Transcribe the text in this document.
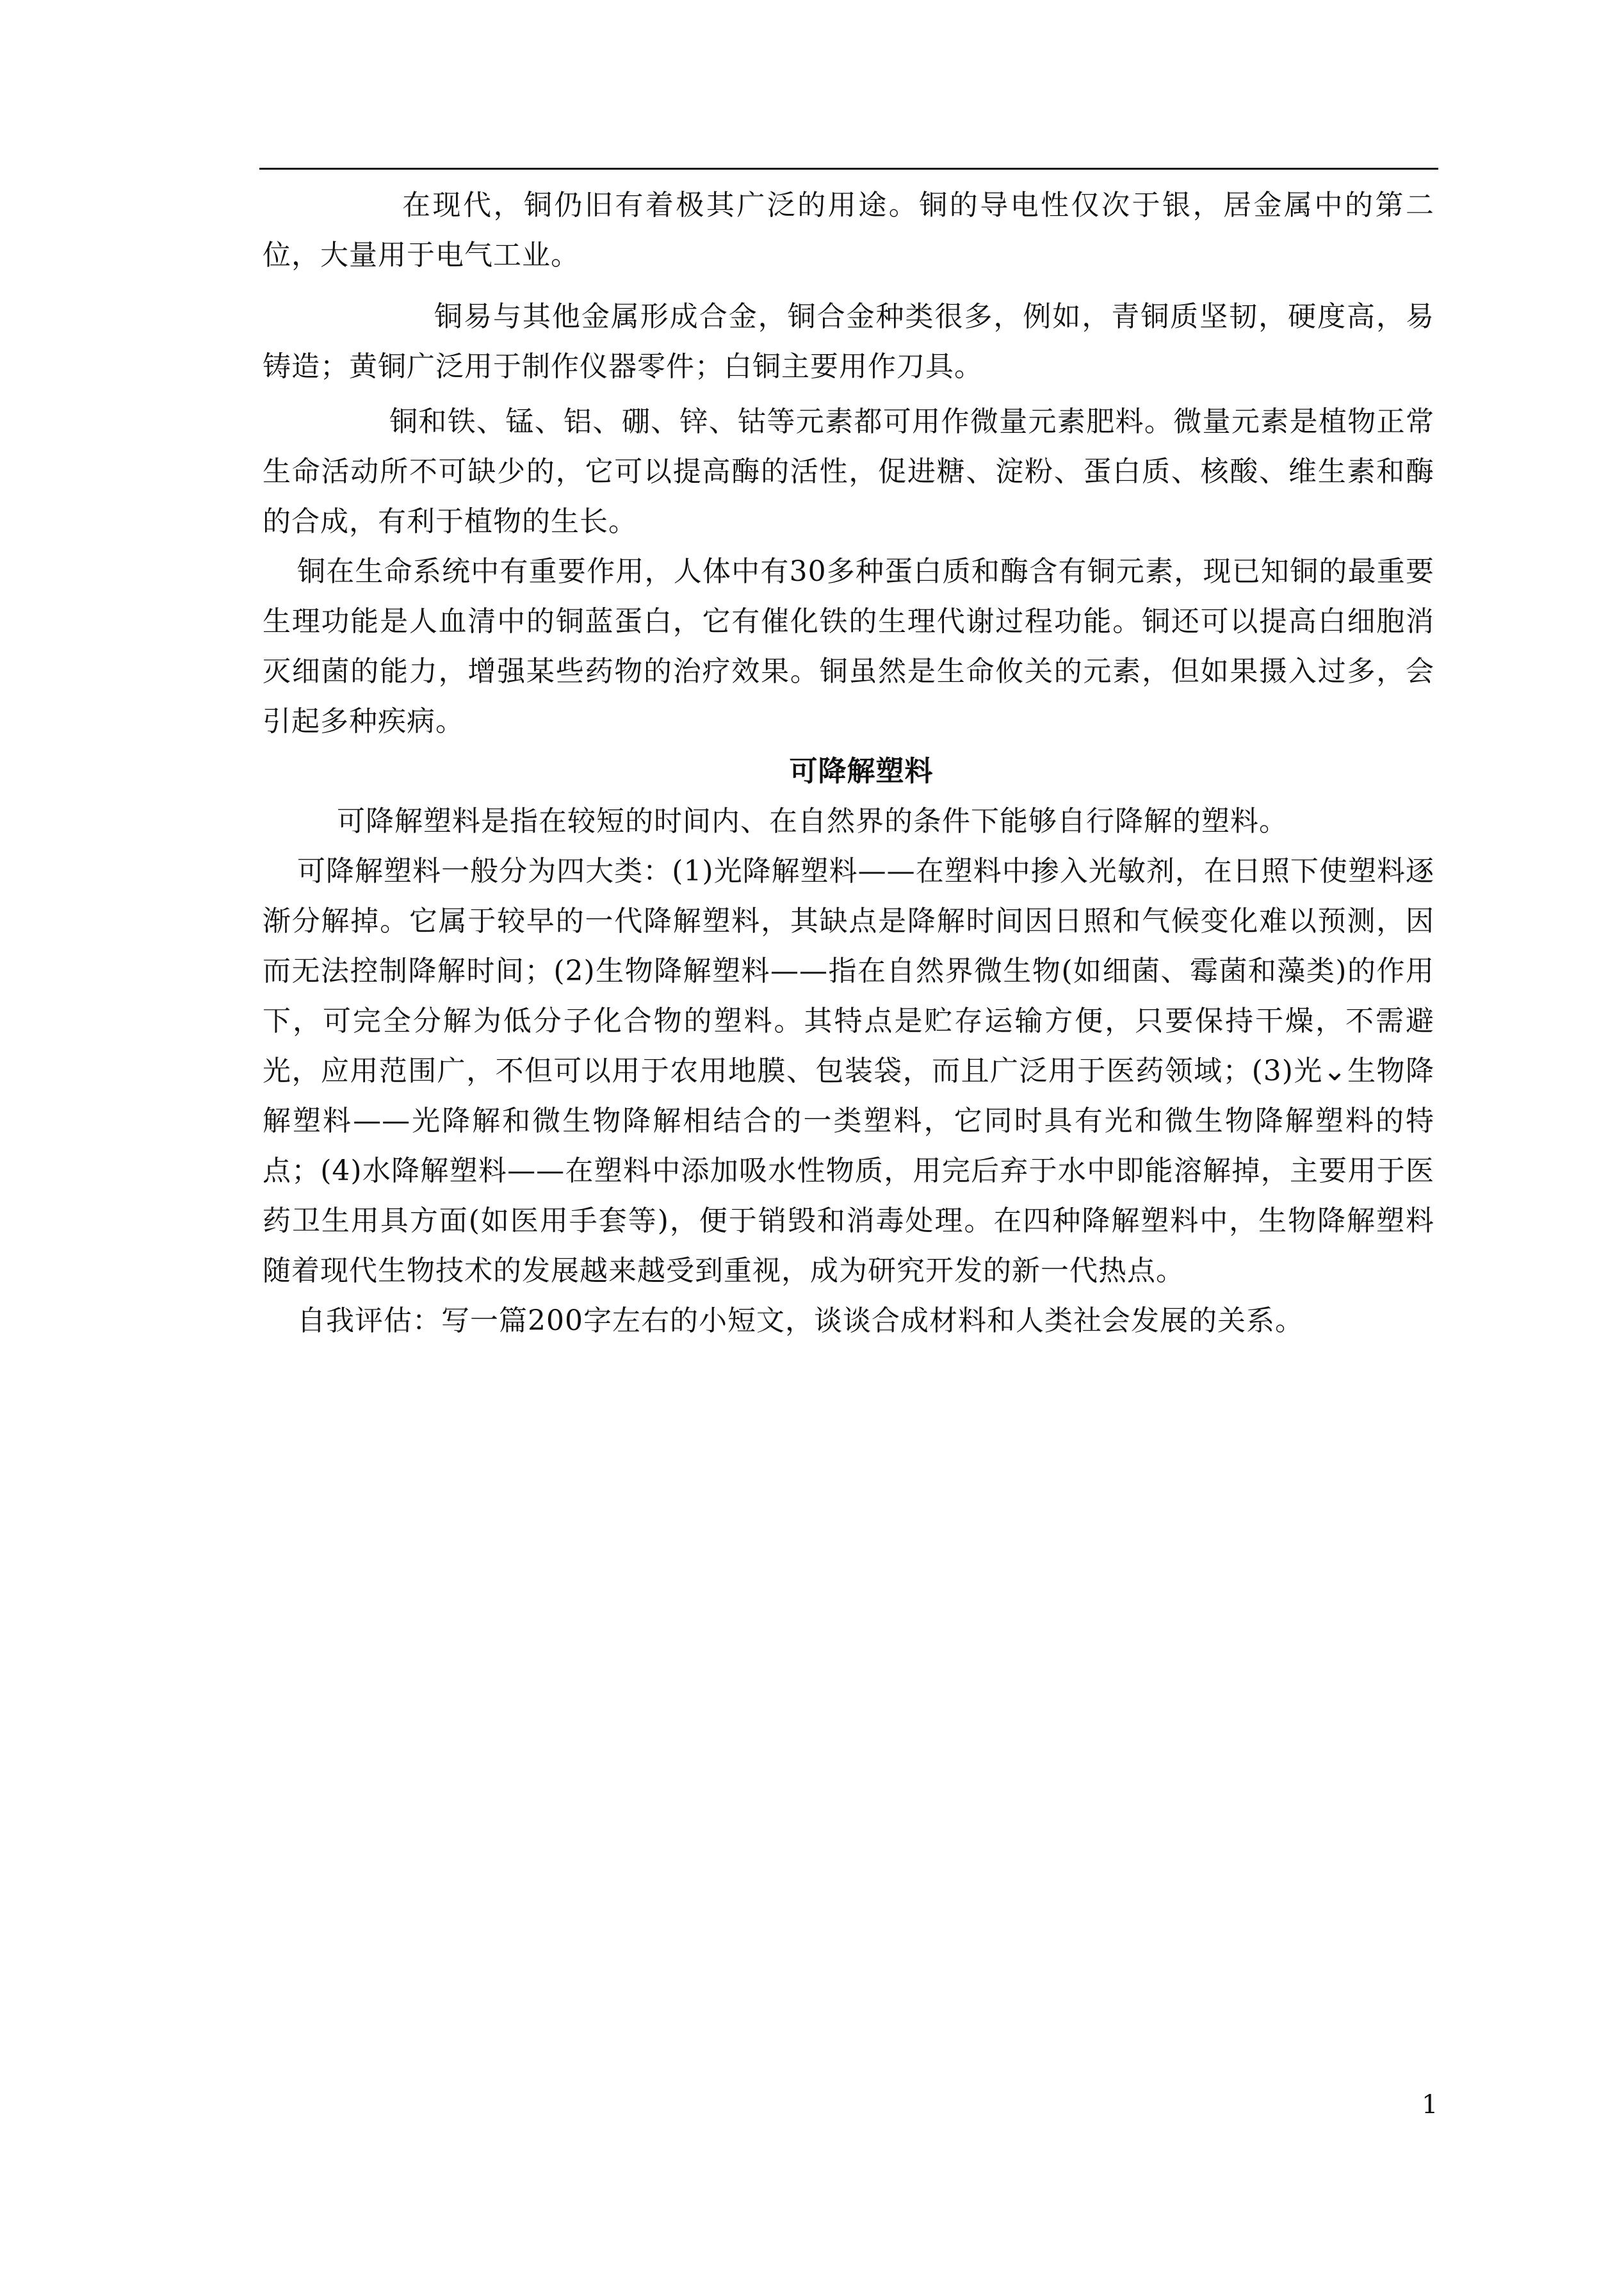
在现代，铜仍旧有着极其广泛的用途。铜的导电性仅次于银，居金属中的第二位，大量用于电气工业。

铜易与其他金属形成合金，铜合金种类很多，例如，青铜质坚韧，硬度高，易铸造；黄铜广泛用于制作仪器零件；白铜主要用作刀具。

铜和铁、锰、铝、硼、锌、钴等元素都可用作微量元素肥料。微量元素是植物正常生命活动所不可缺少的，它可以提高酶的活性，促进糖、淀粉、蛋白质、核酸、维生素和酶的合成，有利于植物的生长。

铜在生命系统中有重要作用，人体中有30多种蛋白质和酶含有铜元素，现已知铜的最重要生理功能是人血清中的铜蓝蛋白，它有催化铁的生理代谢过程功能。铜还可以提高白细胞消灭细菌的能力，增强某些药物的治疗效果。铜虽然是生命攸关的元素，但如果摄入过多，会引起多种疾病。

可降解塑料

可降解塑料是指在较短的时间内、在自然界的条件下能够自行降解的塑料。

可降解塑料一般分为四大类：(1)光降解塑料——在塑料中掺入光敏剂，在日照下使塑料逐渐分解掉。它属于较早的一代降解塑料，其缺点是降解时间因日照和气候变化难以预测，因而无法控制降解时间；(2)生物降解塑料——指在自然界微生物(如细菌、霉菌和藻类)的作用下，可完全分解为低分子化合物的塑料。其特点是贮存运输方便，只要保持干燥，不需避光，应用范围广，不但可以用于农用地膜、包装袋，而且广泛用于医药领域；(3)光⌄生物降解塑料——光降解和微生物降解相结合的一类塑料，它同时具有光和微生物降解塑料的特点；(4)水降解塑料——在塑料中添加吸水性物质，用完后弃于水中即能溶解掉，主要用于医药卫生用具方面(如医用手套等)，便于销毁和消毒处理。在四种降解塑料中，生物降解塑料随着现代生物技术的发展越来越受到重视，成为研究开发的新一代热点。

自我评估：写一篇200字左右的小短文，谈谈合成材料和人类社会发展的关系。

1
